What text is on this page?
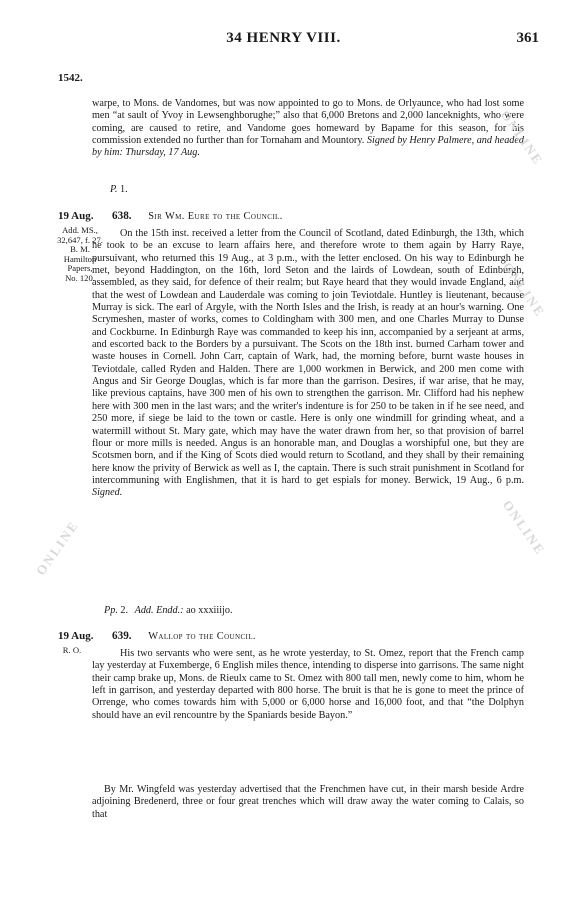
34 HENRY VIII.	361
1542.
warpe, to Mons. de Vandomes, but was now appointed to go to Mons. de Orlyaunce, who had lost some men “at sault of Yvoy in Lewsenghborughe;” also that 6,000 Bretons and 2,000 lanceknights, who were coming, are caused to retire, and Vandome goes homeward by Bapame for this season, for his commission extended no further than for Tornaham and Mountory. Signed by Henry Palmere, and headed by him: Thursday, 17 Aug.
P. 1.
19 Aug.
Add. MS.,
32,647, f. 27.
B. M.
Hamilton
Papers,
No. 120.
638. Sir Wm. Eure to the Council.
On the 15th inst. received a letter from the Council of Scotland, dated Edinburgh, the 13th, which he took to be an excuse to learn affairs here, and therefore wrote to them again by Harry Raye, pursuivant, who returned this 19 Aug., at 3 p.m., with the letter enclosed. On his way to Edinburgh he met, beyond Haddington, on the 16th, lord Seton and the lairds of Lowdean, south of Edinburgh, assembled, as they said, for defence of their realm; but Raye heard that they would invade England, and that the west of Lowdean and Lauderdale was coming to join Teviotdale. Huntley is lieutenant, because Murray is sick. The earl of Argyle, with the North Isles and the Irish, is ready at an hour's warning. One Scrymeshen, master of works, comes to Coldingham with 300 men, and one Charles Murray to Dunse and Cockburne. In Edinburgh Raye was commanded to keep his inn, accompanied by a serjeant at arms, and escorted back to the Borders by a pursuivant. The Scots on the 18th inst. burned Carham tower and waste houses in Cornell. John Carr, captain of Wark, had, the morning before, burnt waste houses in Teviotdale, called Ryden and Halden. There are 1,000 workmen in Berwick, and 200 men come with Angus and Sir George Douglas, which is far more than the garrison. Desires, if war arise, that he may, like previous captains, have 300 men of his own to strengthen the garrison. Mr. Clifford had his nephew here with 300 men in the last wars; and the writer's indenture is for 250 to be taken in if he see need, and 250 more, if siege be laid to the town or castle. Here is only one windmill for grinding wheat, and a watermill without St. Mary gate, which may have the water drawn from her, so that provision of barrel flour or more mills is needed. Angus is an honorable man, and Douglas a worshipful one, but they are Scotsmen born, and if the King of Scots died would return to Scotland, and they shall by their remaining here know the privity of Berwick as well as I, the captain. There is such strait punishment in Scotland for intercommuning with Englishmen, that it is hard to get espials for money. Berwick, 19 Aug., 6 p.m. Signed.
Pp. 2. Add. Endd.: ao xxxiiijo.
19 Aug.
R. O.
639. Wallop to the Council.
His two servants who were sent, as he wrote yesterday, to St. Omez, report that the French camp lay yesterday at Fuxemberge, 6 English miles thence, intending to disperse into garrisons. The same night their camp brake up, Mons. de Rieulx came to St. Omez with 800 tall men, newly come to him, whom he left in garrison, and yesterday departed with 800 horse. The bruit is that he is gone to meet the prince of Orrenge, who comes towards him with 5,000 or 6,000 horse and 16,000 foot, and that “the Dolphyn should have an evil rencountre by the Spaniards beside Bayon.”
By Mr. Wingfeld was yesterday advertised that the Frenchmen have cut, in their marsh beside Ardre adjoining Bredenerd, three or four great trenches which will draw away the water coming to Calais, so that
ONLINE
ONLINE
ONLINE	ONLINE
